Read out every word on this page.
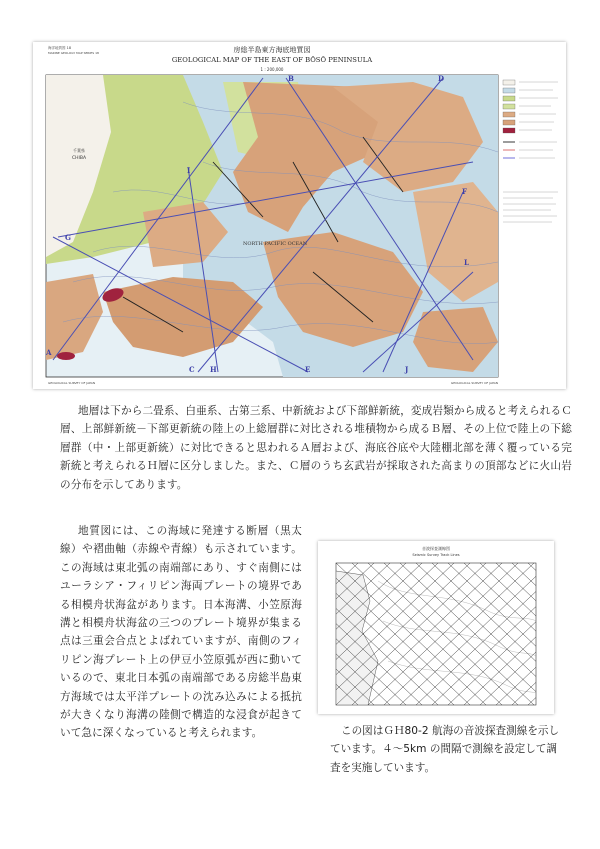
海洋地質図 18
MARINE GEOLOGY MAP SERIES 18	房総半島東方海底地質図
GEOLOGICAL MAP OF THE EAST OF BŌSŌ PENINSULA
1 : 200,000
A
B
C
D
E
F
G
H
I
J
L
千葉県
CHIBA
NORTH PACIFIC OCEAN
GEOLOGICAL SURVEY OF JAPAN	GEOLOGICAL SURVEY OF JAPAN

地層は下から二畳系、白亜系、古第三系、中新統および下部鮮新統，変成岩類から成ると考えられるＣ層、上部鮮新統－下部更新統の陸上の上総層群に対比される堆積物から成るＢ層、その上位で陸上の下総層群（中・上部更新統）に対比できると思われるＡ層および、海底谷底や大陸棚北部を薄く覆っている完新統と考えられるＨ層に区分しました。また、Ｃ層のうち玄武岩が採取された高まりの頂部などに火山岩の分布を示してあります。

地質図には、この海域に発達する断層（黒太線）や褶曲軸（赤線や青線）も示されています。この海域は東北弧の南端部にあり、すぐ南側にはユーラシア・フィリピン海両プレートの境界である相模舟状海盆があります。日本海溝、小笠原海溝と相模舟状海盆の三つのプレート境界が集まる点は三重会合点とよばれていますが、南側のフィリピン海プレート上の伊豆小笠原弧が西に動いているので、東北日本弧の南端部である房総半島東方海域では太平洋プレートの沈み込みによる抵抗が大きくなり海溝の陸側で構造的な浸食が起きていて急に深くなっていると考えられます。

音波探査測線図
Seismic Survey Track Lines

この図はＧＨ80-2 航海の音波探査測線を示しています。４～5km の間隔で測線を設定して調査を実施しています。
